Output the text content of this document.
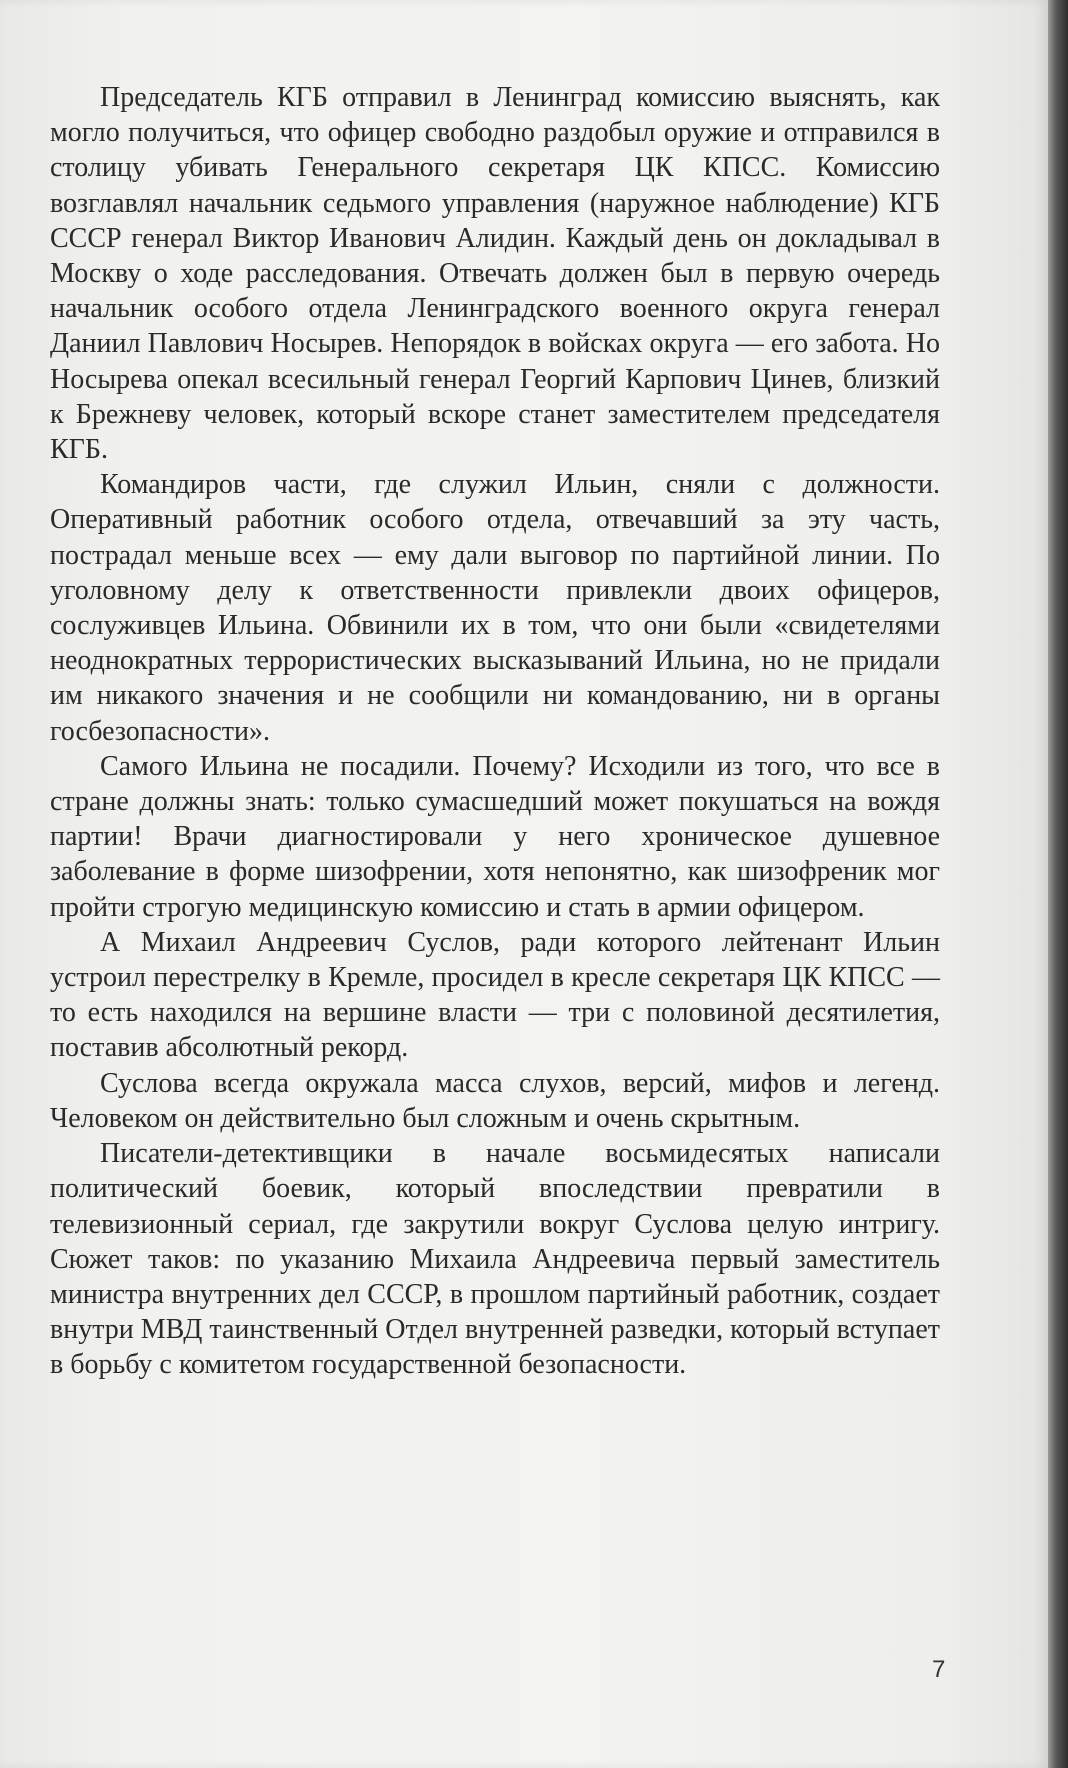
Председатель КГБ отправил в Ленинград комиссию выяснять, как могло получиться, что офицер свободно раздобыл оружие и отправился в столицу убивать Генерального секретаря ЦК КПСС. Комиссию возглавлял начальник седьмого управления (наружное наблюдение) КГБ СССР генерал Виктор Иванович Алидин. Каждый день он докладывал в Москву о ходе расследования. Отвечать должен был в первую очередь начальник особого отдела Ленинградского военного округа генерал Даниил Павлович Носырев. Непорядок в войсках округа — его забота. Но Носырева опекал всесильный генерал Георгий Карпович Цинев, близкий к Брежневу человек, который вскоре станет заместителем председателя КГБ.

Командиров части, где служил Ильин, сняли с должности. Оперативный работник особого отдела, отвечавший за эту часть, пострадал меньше всех — ему дали выговор по партийной линии. По уголовному делу к ответственности привлекли двоих офицеров, сослуживцев Ильина. Обвинили их в том, что они были «свидетелями неоднократных террористических высказываний Ильина, но не придали им никакого значения и не сообщили ни командованию, ни в органы госбезопасности».

Самого Ильина не посадили. Почему? Исходили из того, что все в стране должны знать: только сумасшедший может покушаться на вождя партии! Врачи диагностировали у него хроническое душевное заболевание в форме шизофрении, хотя непонятно, как шизофреник мог пройти строгую медицинскую комиссию и стать в армии офицером.

А Михаил Андреевич Суслов, ради которого лейтенант Ильин устроил перестрелку в Кремле, просидел в кресле секретаря ЦК КПСС — то есть находился на вершине власти — три с половиной десятилетия, поставив абсолютный рекорд.

Суслова всегда окружала масса слухов, версий, мифов и легенд. Человеком он действительно был сложным и очень скрытным.

Писатели-детективщики в начале восьмидесятых написали политический боевик, который впоследствии превратили в телевизионный сериал, где закрутили вокруг Суслова целую интригу. Сюжет таков: по указанию Михаила Андреевича первый заместитель министра внутренних дел СССР, в прошлом партийный работник, создает внутри МВД таинственный Отдел внутренней разведки, который вступает в борьбу с комитетом государственной безопасности.

7
